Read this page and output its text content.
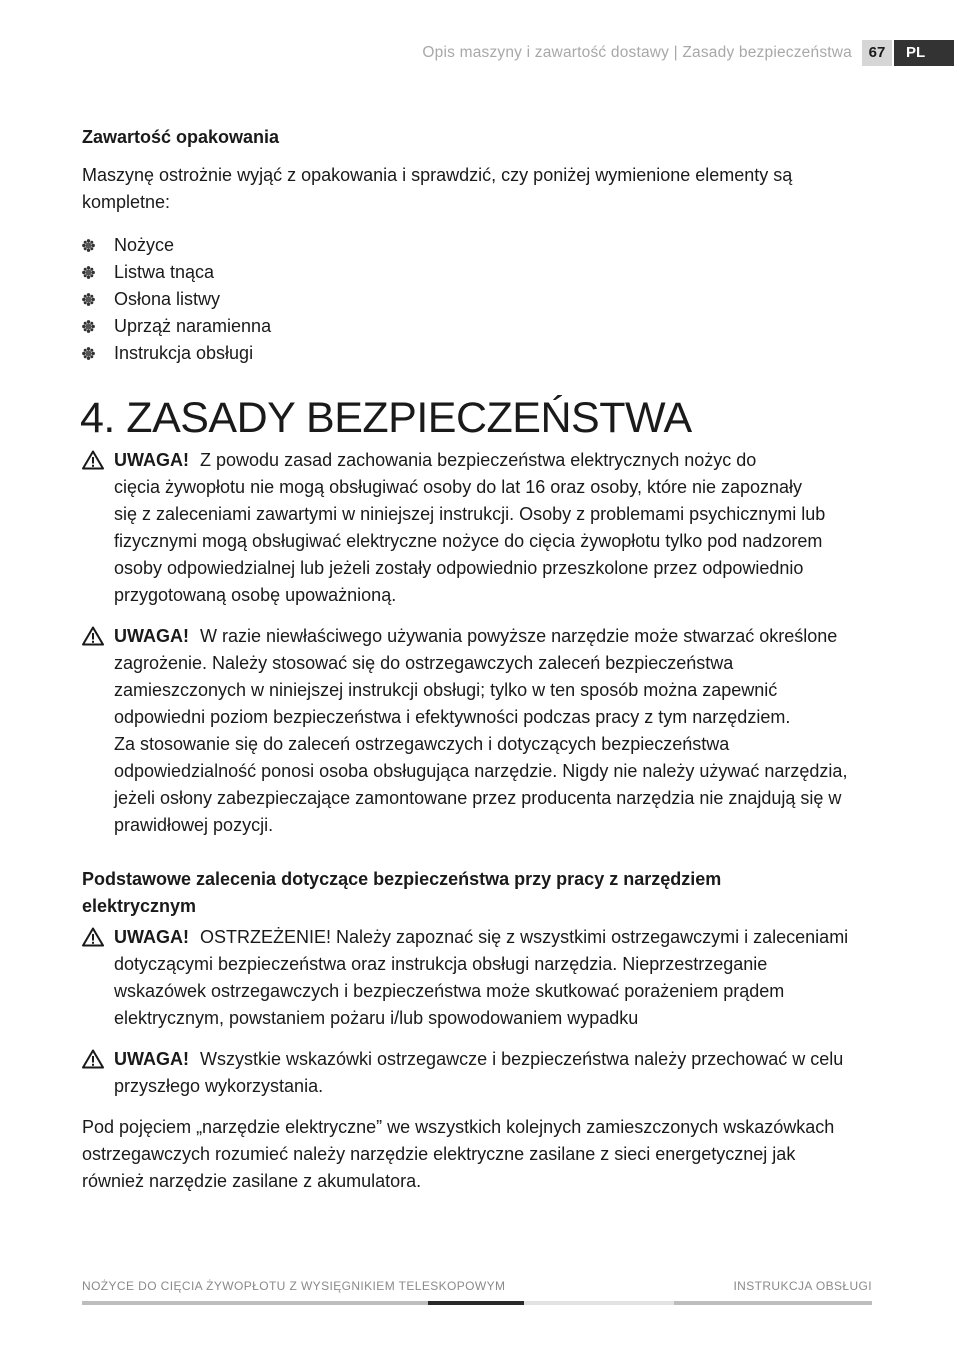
Opis maszyny i zawartość dostawy | Zasady bezpieczeństwa	67	PL

Zawartość opakowania

Maszynę ostrożnie wyjąć z opakowania i sprawdzić, czy poniżej wymienione elementy są kompletne:

Nożyce
Listwa tnąca
Osłona listwy
Uprząż naramienna
Instrukcja obsługi
4. ZASADY BEZPIECZEŃSTWA
UWAGA! Z powodu zasad zachowania bezpieczeństwa elektrycznych nożyc do
cięcia żywopłotu nie mogą obsługiwać osoby do lat 16 oraz osoby, które nie zapoznały
się z zaleceniami zawartymi w niniejszej instrukcji. Osoby z problemami psychicznymi lub
fizycznymi mogą obsługiwać elektryczne nożyce do cięcia żywopłotu tylko pod nadzorem
osoby odpowiedzialnej lub jeżeli zostały odpowiednio przeszkolone przez odpowiednio
przygotowaną osobę upoważnioną.
UWAGA! W razie niewłaściwego używania powyższe narzędzie może stwarzać określone
zagrożenie. Należy stosować się do ostrzegawczych zaleceń bezpieczeństwa
zamieszczonych w niniejszej instrukcji obsługi; tylko w ten sposób można zapewnić
odpowiedni poziom bezpieczeństwa i efektywności podczas pracy z tym narzędziem.
Za stosowanie się do zaleceń ostrzegawczych i dotyczących bezpieczeństwa
odpowiedzialność ponosi osoba obsługująca narzędzie. Nigdy nie należy używać narzędzia,
jeżeli osłony zabezpieczające zamontowane przez producenta narzędzia nie znajdują się w
prawidłowej pozycji.

Podstawowe zalecenia dotyczące bezpieczeństwa przy pracy z narzędziem
elektrycznym

UWAGA! OSTRZEŻENIE! Należy zapoznać się z wszystkimi ostrzegawczymi i zaleceniami
dotyczącymi bezpieczeństwa oraz instrukcja obsługi narzędzia. Nieprzestrzeganie
wskazówek ostrzegawczych i bezpieczeństwa może skutkować porażeniem prądem
elektrycznym, powstaniem pożaru i/lub spowodowaniem wypadku
UWAGA! Wszystkie wskazówki ostrzegawcze i bezpieczeństwa należy przechować w celu
przyszłego wykorzystania.

Pod pojęciem „narzędzie elektryczne” we wszystkich kolejnych zamieszczonych wskazówkach
ostrzegawczych rozumieć należy narzędzie elektryczne zasilane z sieci energetycznej jak
również narzędzie zasilane z akumulatora.

NOŻYCE DO CIĘCIA ŻYWOPŁOTU Z WYSIĘGNIKIEM TELESKOPOWYM	INSTRUKCJA OBSŁUGI
